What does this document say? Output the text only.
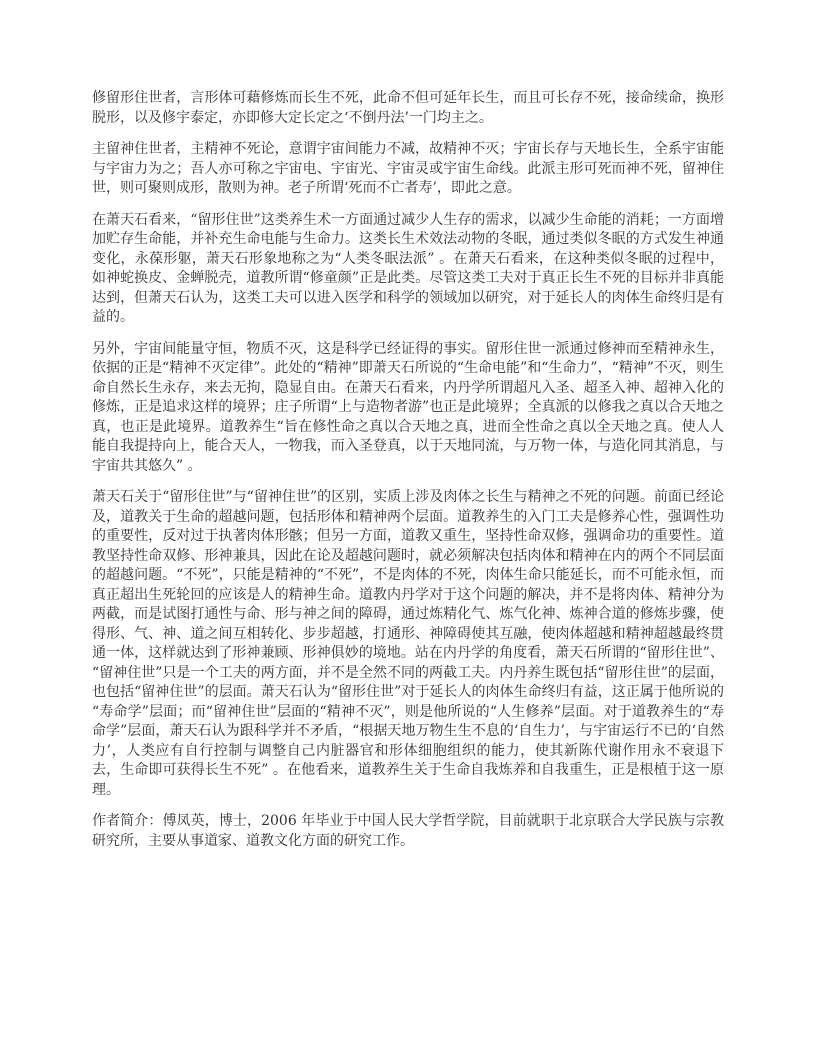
修留形住世者，言形体可藉修炼而长生不死，此命不但可延年长生，而且可长存不死，接命续命，换形脱形，以及修宇泰定，亦即修大定长定之‘不倒丹法’一门均主之。

主留神住世者，主精神不死论，意谓宇宙间能力不减，故精神不灭；宇宙长存与天地长生，全系宇宙能与宇宙力为之；吾人亦可称之宇宙电、宇宙光、宇宙灵或宇宙生命线。此派主形可死而神不死，留神住世，则可聚则成形，散则为神。老子所谓‘死而不亡者寿’，即此之意。

在萧天石看来，“留形住世”这类养生术一方面通过减少人生存的需求，以减少生命能的消耗；一方面增加贮存生命能，并补充生命电能与生命力。这类长生术效法动物的冬眠，通过类似冬眠的方式发生神通变化，永葆形躯，萧天石形象地称之为“人类冬眠法派” 。在萧天石看来，在这种类似冬眠的过程中，如神蛇换皮、金蝉脱壳，道教所谓“修童颜”正是此类。尽管这类工夫对于真正长生不死的目标并非真能达到，但萧天石认为，这类工夫可以进入医学和科学的领域加以研究，对于延长人的肉体生命终归是有益的。

另外，宇宙间能量守恒，物质不灭，这是科学已经证得的事实。留形住世一派通过修神而至精神永生，依据的正是“精神不灭定律”。此处的“精神”即萧天石所说的“生命电能”和“生命力”，“精神”不灭，则生命自然长生永存，来去无拘，隐显自由。在萧天石看来，内丹学所谓超凡入圣、超圣入神、超神入化的修炼，正是追求这样的境界；庄子所谓“上与造物者游”也正是此境界；全真派的以修我之真以合天地之真，也正是此境界。道教养生“旨在修性命之真以合天地之真，进而全性命之真以全天地之真。使人人能自我提持向上，能合天人，一物我，而入圣登真，以于天地同流，与万物一体，与造化同其消息，与宇宙共其悠久” 。

萧天石关于“留形住世”与“留神住世”的区别，实质上涉及肉体之长生与精神之不死的问题。前面已经论及，道教关于生命的超越问题，包括形体和精神两个层面。道教养生的入门工夫是修养心性，强调性功的重要性，反对过于执著肉体形骸；但另一方面，道教又重生，坚持性命双修，强调命功的重要性。道教坚持性命双修、形神兼具，因此在论及超越问题时，就必须解决包括肉体和精神在内的两个不同层面的超越问题。“不死”，只能是精神的“不死”，不是肉体的不死，肉体生命只能延长，而不可能永恒，而真正超出生死轮回的应该是人的精神生命。道教内丹学对于这个问题的解决，并不是将肉体、精神分为两截，而是试图打通性与命、形与神之间的障碍，通过炼精化气、炼气化神、炼神合道的修炼步骤，使得形、气、神、道之间互相转化、步步超越，打通形、神障碍使其互融，使肉体超越和精神超越最终贯通一体，这样就达到了形神兼顾、形神俱妙的境地。站在内丹学的角度看，萧天石所谓的“留形住世”、“留神住世”只是一个工夫的两方面，并不是全然不同的两截工夫。内丹养生既包括“留形住世”的层面，也包括“留神住世”的层面。萧天石认为“留形住世”对于延长人的肉体生命终归有益，这正属于他所说的“寿命学”层面；而“留神住世”层面的“精神不灭”，则是他所说的“人生修养”层面。对于道教养生的“寿命学”层面，萧天石认为跟科学并不矛盾，“根据天地万物生生不息的‘自生力’，与宇宙运行不已的‘自然力’，人类应有自行控制与调整自己内脏器官和形体细胞组织的能力，使其新陈代谢作用永不衰退下去，生命即可获得长生不死” 。在他看来，道教养生关于生命自我炼养和自我重生，正是根植于这一原理。

作者简介：傅凤英，博士，2006 年毕业于中国人民大学哲学院，目前就职于北京联合大学民族与宗教研究所，主要从事道家、道教文化方面的研究工作。
